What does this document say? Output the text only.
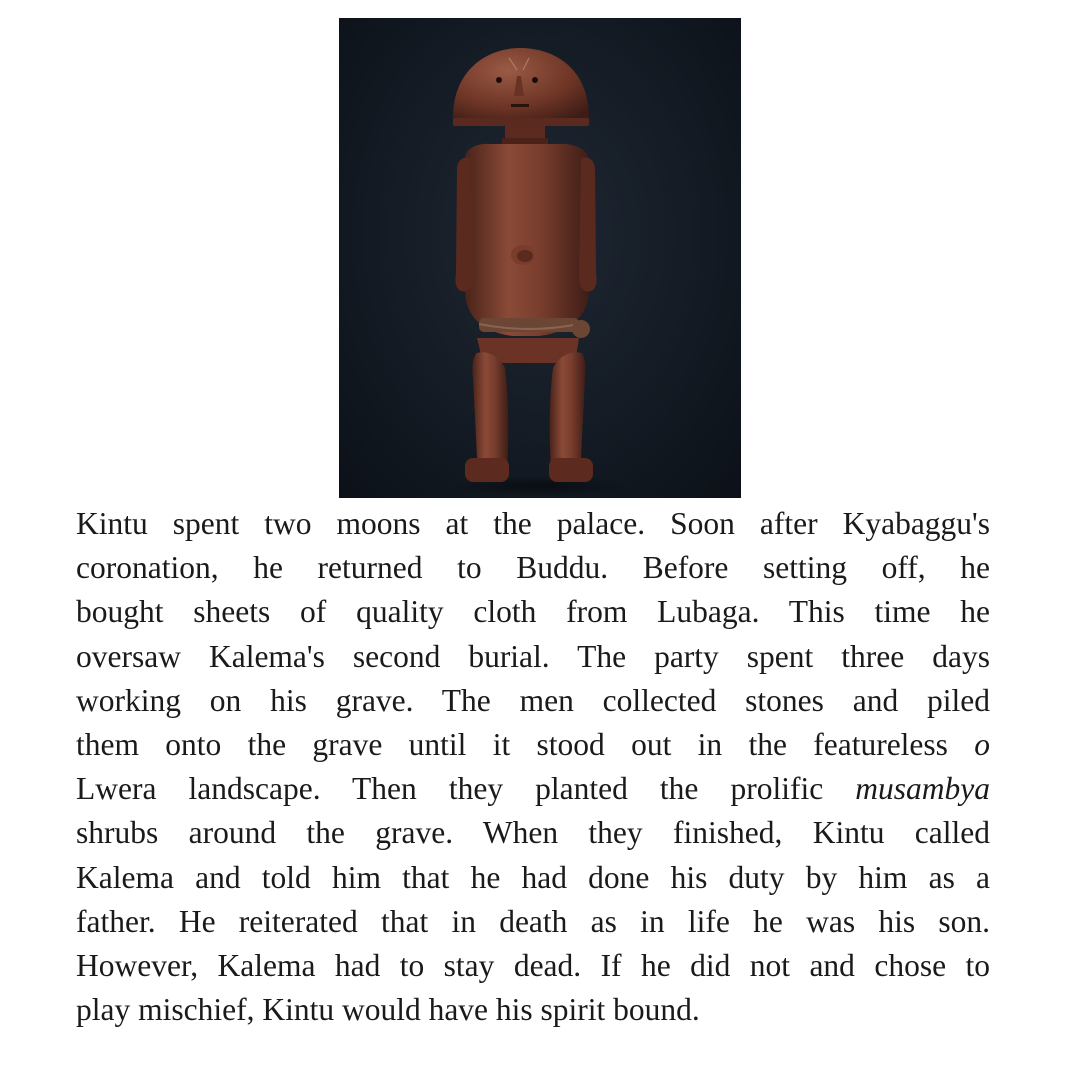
Kintu spent two moons at the palace. Soon after Kyabaggu's
coronation, he returned to Buddu. Before setting off, he
bought sheets of quality cloth from Lubaga. This time he
oversaw Kalema's second burial. The party spent three days
working on his grave. The men collected stones and piled
them onto the grave until it stood out in the featureless o
Lwera landscape. Then they planted the prolific musambya
shrubs around the grave. When they finished, Kintu called
Kalema and told him that he had done his duty by him as a
father. He reiterated that in death as in life he was his son.
However, Kalema had to stay dead. If he did not and chose to
play mischief, Kintu would have his spirit bound.
